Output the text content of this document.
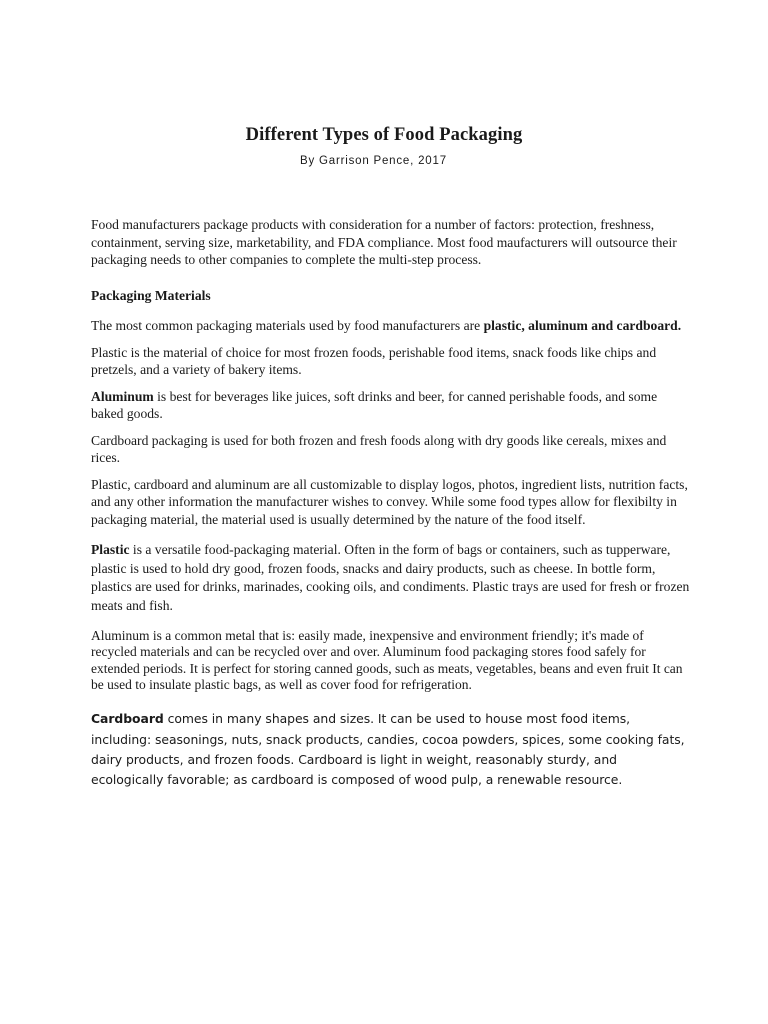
Different Types of Food Packaging

By Garrison Pence, 2017

Food manufacturers package products with consideration for a number of factors: protection, freshness, containment, serving size, marketability, and FDA compliance. Most food maufacturers will outsource their packaging needs to other companies to complete the multi-step process.

Packaging Materials

The most common packaging materials used by food manufacturers are plastic, aluminum and cardboard.

Plastic is the material of choice for most frozen foods, perishable food items, snack foods like chips and pretzels, and a variety of bakery items.

Aluminum is best for beverages like juices, soft drinks and beer, for canned perishable foods, and some baked goods.

Cardboard packaging is used for both frozen and fresh foods along with dry goods like cereals, mixes and rices.

Plastic, cardboard and aluminum are all customizable to display logos, photos, ingredient lists, nutrition facts, and any other information the manufacturer wishes to convey. While some food types allow for flexibilty in packaging material, the material used is usually determined by the nature of the food itself.

Plastic is a versatile food-packaging material. Often in the form of bags or containers, such as tupperware, plastic is used to hold dry good, frozen foods, snacks and dairy products, such as cheese. In bottle form, plastics are used for drinks, marinades, cooking oils, and condiments. Plastic trays are used for fresh or frozen meats and fish.

Aluminum is a common metal that is: easily made, inexpensive and environment friendly; it's made of recycled materials and can be recycled over and over. Aluminum food packaging stores food safely for extended periods. It is perfect for storing canned goods, such as meats, vegetables, beans and even fruit It can be used to insulate plastic bags, as well as cover food for refrigeration.

Cardboard comes in many shapes and sizes. It can be used to house most food items, including: seasonings, nuts, snack products, candies, cocoa powders, spices, some cooking fats, dairy products, and frozen foods. Cardboard is light in weight, reasonably sturdy, and ecologically favorable; as cardboard is composed of wood pulp, a renewable resource.
